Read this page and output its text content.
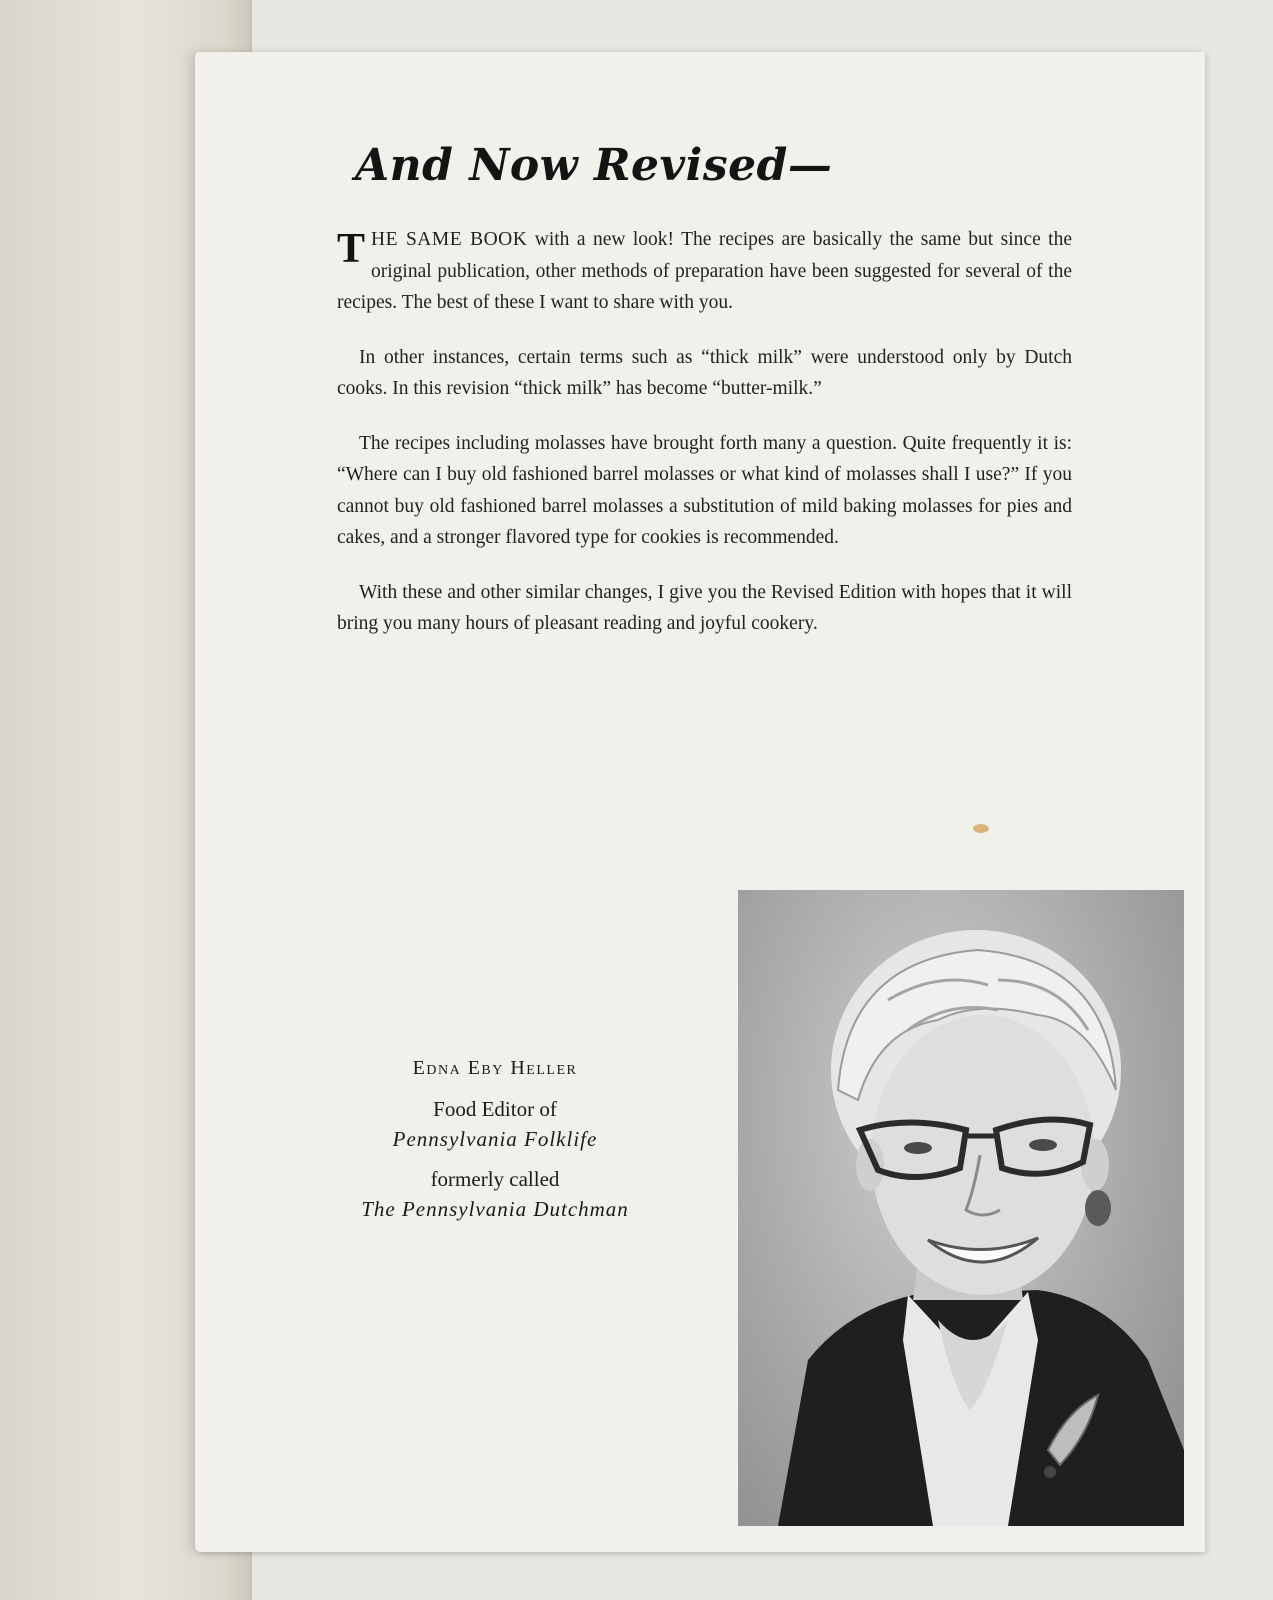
And Now Revised—

THE SAME BOOK with a new look! The recipes are basically the same but since the original publication, other methods of preparation have been suggested for several of the recipes. The best of these I want to share with you.

In other instances, certain terms such as “thick milk” were understood only by Dutch cooks. In this revision “thick milk” has become “butter-milk.”

The recipes including molasses have brought forth many a question. Quite frequently it is: “Where can I buy old fashioned barrel molasses or what kind of molasses shall I use?” If you cannot buy old fashioned barrel molasses a substitution of mild baking molasses for pies and cakes, and a stronger flavored type for cookies is recommended.

With these and other similar changes, I give you the Revised Edition with hopes that it will bring you many hours of pleasant reading and joyful cookery.

Edna Eby Heller

Food Editor of

Pennsylvania Folklife

formerly called

The Pennsylvania Dutchman
